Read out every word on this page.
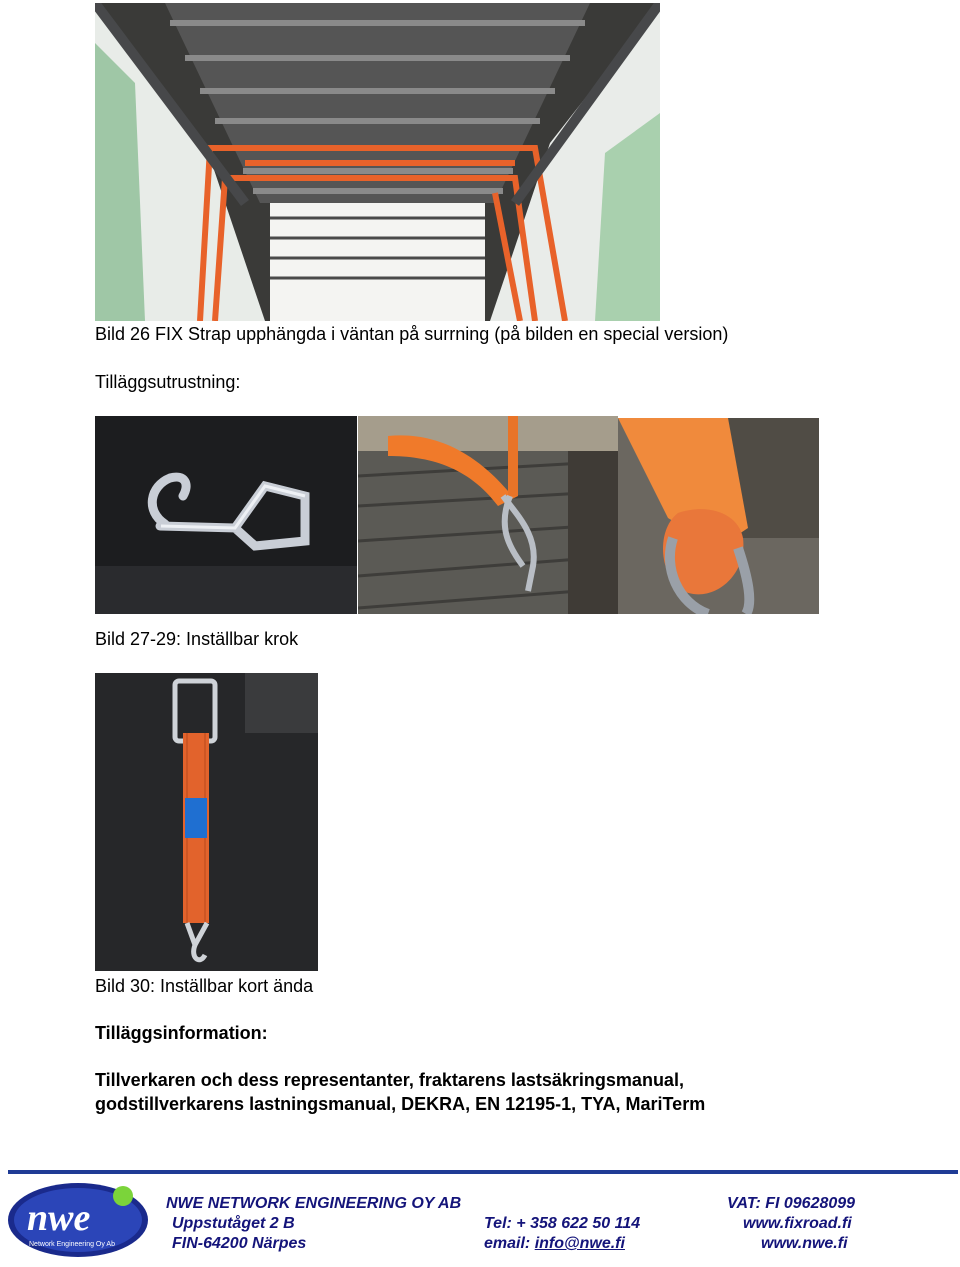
Bild 26 FIX Strap upphängda i väntan på surrning (på bilden en special version)
Tilläggsutrustning:
Bild 27-29: Inställbar krok
Bild 30: Inställbar kort ända
Tilläggsinformation:
Tillverkaren och dess representanter, fraktarens lastsäkringsmanual,
godstillverkarens lastningsmanual, DEKRA, EN 12195-1, TYA, MariTerm
nwe
Network Engineering Oy Ab
NWE NETWORK ENGINEERING OY AB
Uppstutåget 2 B
FIN-64200 Närpes
Tel: + 358 622 50 114
email: info@nwe.fi
VAT: FI 09628099
www.fixroad.fi
www.nwe.fi
